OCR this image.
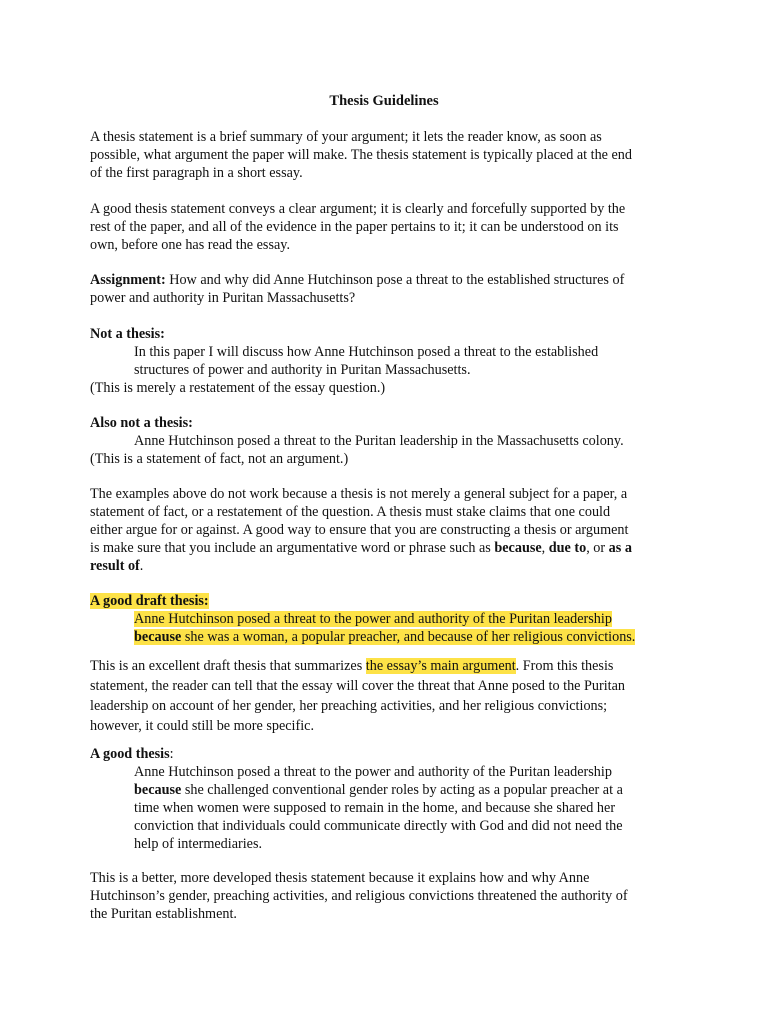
Thesis Guidelines
A thesis statement is a brief summary of your argument; it lets the reader know, as soon as
possible, what argument the paper will make. The thesis statement is typically placed at the end
of the first paragraph in a short essay.
A good thesis statement conveys a clear argument; it is clearly and forcefully supported by the
rest of the paper, and all of the evidence in the paper pertains to it; it can be understood on its
own, before one has read the essay.
Assignment: How and why did Anne Hutchinson pose a threat to the established structures of
power and authority in Puritan Massachusetts?
Not a thesis:
In this paper I will discuss how Anne Hutchinson posed a threat to the established
structures of power and authority in Puritan Massachusetts.
(This is merely a restatement of the essay question.)
Also not a thesis:
Anne Hutchinson posed a threat to the Puritan leadership in the Massachusetts colony.
(This is a statement of fact, not an argument.)
The examples above do not work because a thesis is not merely a general subject for a paper, a
statement of fact, or a restatement of the question. A thesis must stake claims that one could
either argue for or against. A good way to ensure that you are constructing a thesis or argument
is make sure that you include an argumentative word or phrase such as because, due to, or as a
result of.
A good draft thesis:
Anne Hutchinson posed a threat to the power and authority of the Puritan leadership
because she was a woman, a popular preacher, and because of her religious convictions.
This is an excellent draft thesis that summarizes the essay’s main argument. From this thesis
statement, the reader can tell that the essay will cover the threat that Anne posed to the Puritan
leadership on account of her gender, her preaching activities, and her religious convictions;
however, it could still be more specific.
A good thesis:
Anne Hutchinson posed a threat to the power and authority of the Puritan leadership
because she challenged conventional gender roles by acting as a popular preacher at a
time when women were supposed to remain in the home, and because she shared her
conviction that individuals could communicate directly with God and did not need the
help of intermediaries.
This is a better, more developed thesis statement because it explains how and why Anne
Hutchinson’s gender, preaching activities, and religious convictions threatened the authority of
the Puritan establishment.
